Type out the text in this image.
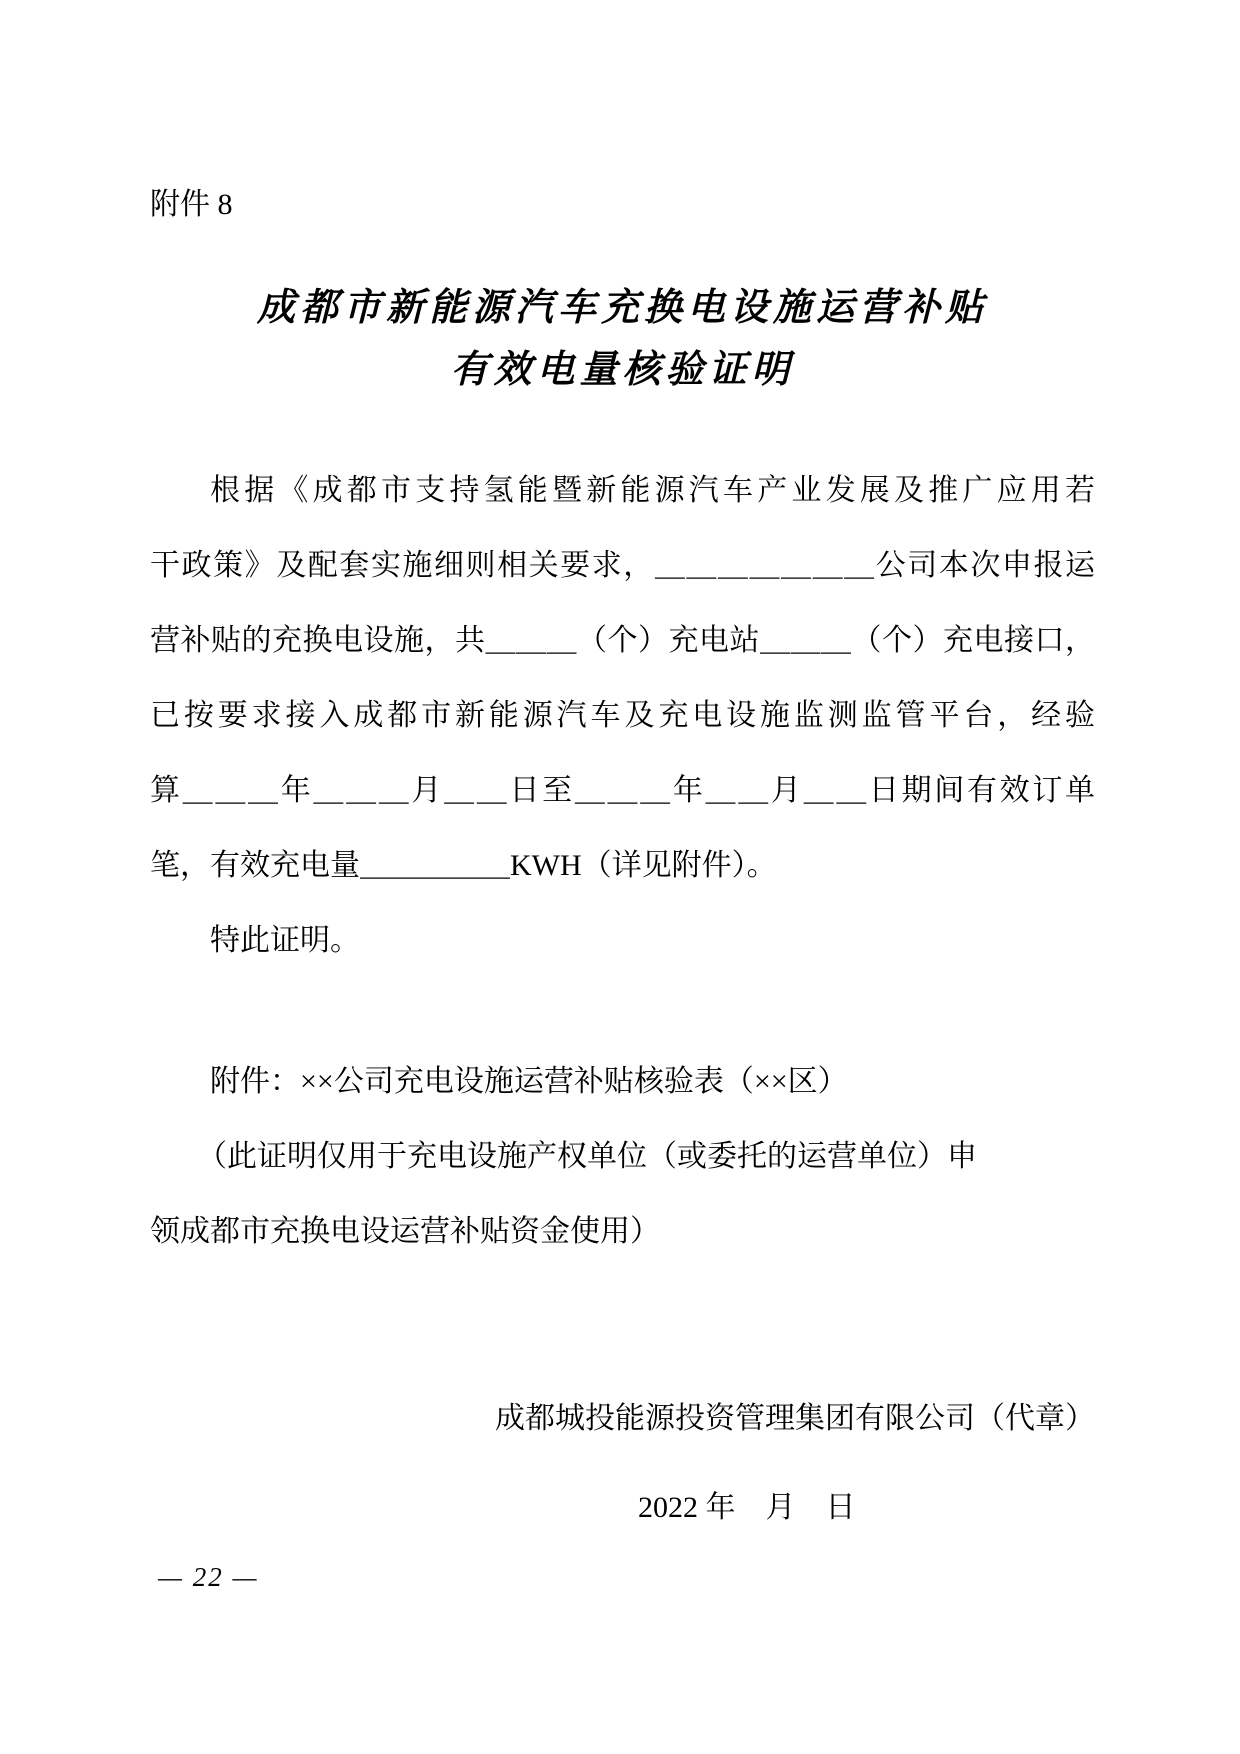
附件 8
成都市新能源汽车充换电设施运营补贴
有效电量核验证明
根据《成都市支持氢能暨新能源汽车产业发展及推广应用若
干政策》及配套实施细则相关要求，＿＿＿＿＿＿＿公司本次申报运
营补贴的充换电设施，共＿＿＿（个）充电站＿＿＿（个）充电接口，
已按要求接入成都市新能源汽车及充电设施监测监管平台，经验
算＿＿＿年＿＿＿月＿＿日至＿＿＿年＿＿月＿＿日期间有效订单
笔，有效充电量＿＿＿＿＿KWH（详见附件）。
特此证明。
附件：××公司充电设施运营补贴核验表（××区）
（此证明仅用于充电设施产权单位（或委托的运营单位）申
领成都市充换电设运营补贴资金使用）
成都城投能源投资管理集团有限公司（代章）
2022 年　月　日
— 22 —
